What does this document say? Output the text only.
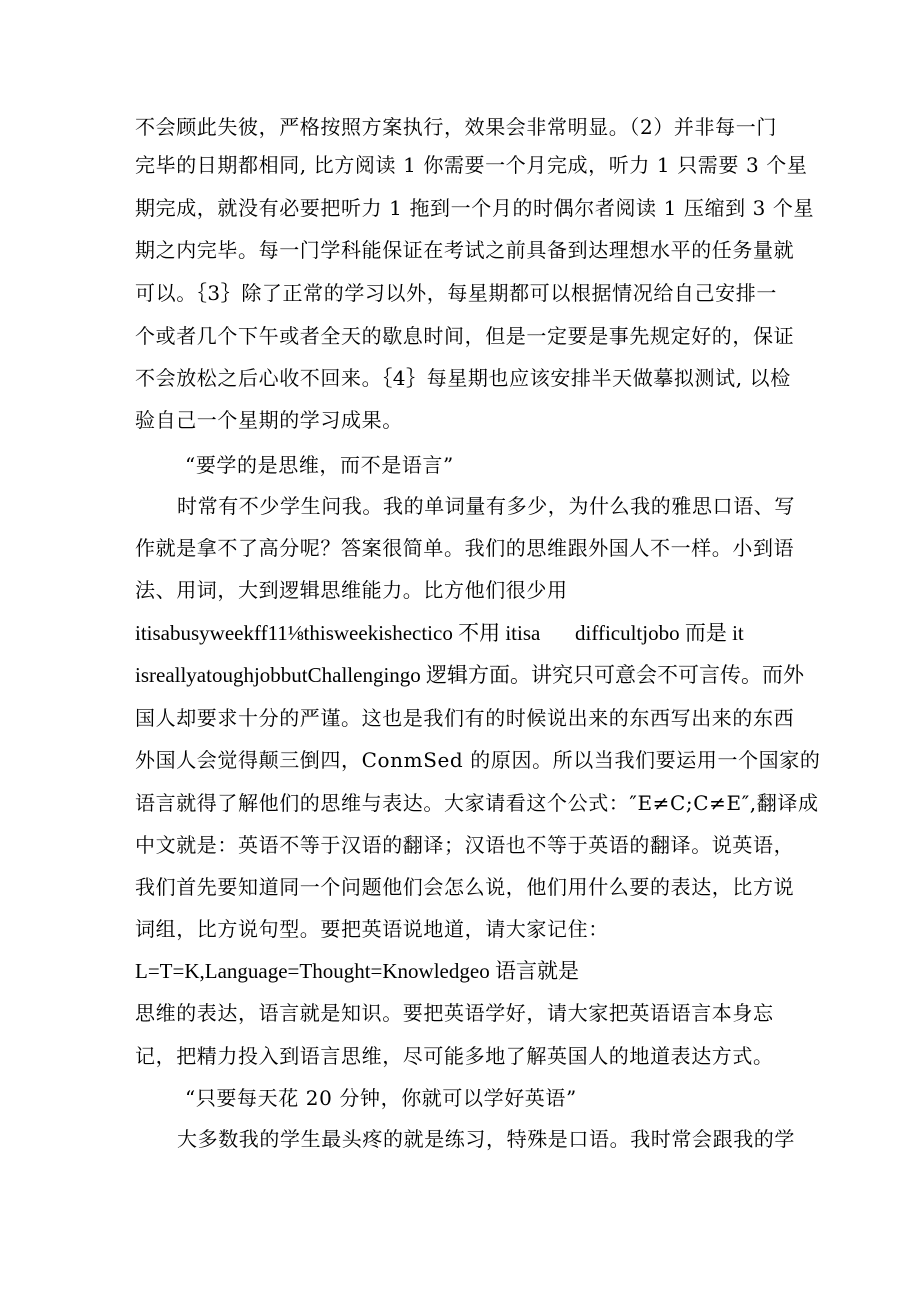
不会顾此失彼，严格按照方案执行，效果会非常明显。（2）并非每一门
完毕的日期都相同, 比方阅读 1 你需要一个月完成，听力 1 只需要 3 个星
期完成，就没有必要把听力 1 拖到一个月的时偶尔者阅读 1 压缩到 3 个星
期之内完毕。每一门学科能保证在考试之前具备到达理想水平的任务量就
可以。｛3｝除了正常的学习以外，每星期都可以根据情况给自己安排一
个或者几个下午或者全天的歇息时间，但是一定要是事先规定好的，保证
不会放松之后心收不回来。｛4｝每星期也应该安排半天做摹拟测试, 以检
验自己一个星期的学习成果。
“要学的是思维，而不是语言”
时常有不少学生问我。我的单词量有多少，为什么我的雅思口语、写
作就是拿不了高分呢？答案很简单。我们的思维跟外国人不一样。小到语
法、用词，大到逻辑思维能力。比方他们很少用
itisabusyweekff11⅛thisweekishectico 不用 itisa difficultjobo 而是 it
isreallyatoughjobbutChallengingo 逻辑方面。讲究只可意会不可言传。而外
国人却要求十分的严谨。这也是我们有的时候说出来的东西写出来的东西
外国人会觉得颠三倒四，ConmSed 的原因。所以当我们要运用一个国家的
语言就得了解他们的思维与表达。大家请看这个公式：″E≠C;C≠E″,翻译成
中文就是：英语不等于汉语的翻译；汉语也不等于英语的翻译。说英语，
我们首先要知道同一个问题他们会怎么说，他们用什么要的表达，比方说
词组，比方说句型。要把英语说地道，请大家记住：
L=T=K,Language=Thought=Knowledgeo 语言就是
思维的表达，语言就是知识。要把英语学好，请大家把英语语言本身忘
记，把精力投入到语言思维，尽可能多地了解英国人的地道表达方式。
“只要每天花 20 分钟，你就可以学好英语”
大多数我的学生最头疼的就是练习，特殊是口语。我时常会跟我的学
